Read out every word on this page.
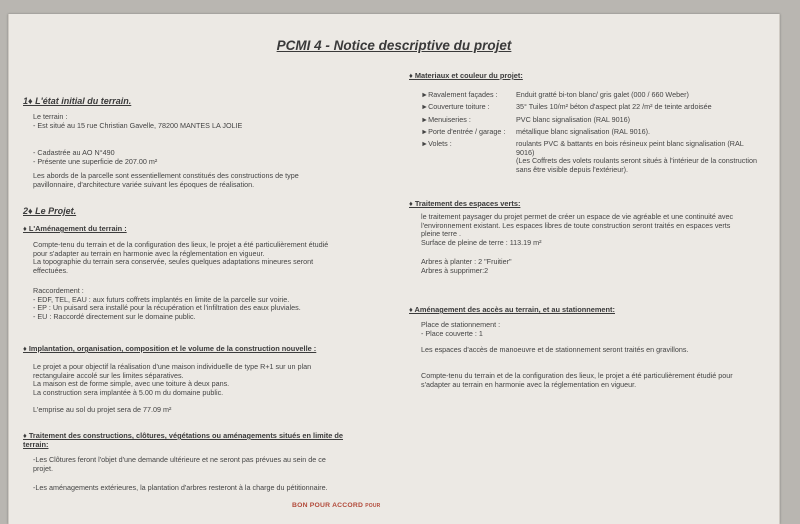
PCMI 4 - Notice descriptive du projet
1♦ L'état initial du terrain.
Le terrain :
- Est situé au 15 rue Christian Gavelle, 78200 MANTES LA JOLIE
- Cadastrée au AO N°490
- Présente une superficie de 207.00 m²
Les abords de la parcelle sont essentiellement constitués des constructions de type
pavillonnaire, d'architecture variée suivant les époques de réalisation.
2♦ Le Projet.
♦ L'Aménagement du terrain :
Compte-tenu du terrain et de la configuration des lieux, le projet a été particulièrement étudié
pour s'adapter au terrain en harmonie avec la réglementation en vigueur.
La topographie du terrain sera conservée, seules quelques adaptations mineures seront
effectuées.
Raccordement :
- EDF, TEL, EAU : aux futurs coffrets implantés en limite de la parcelle sur voirie.
- EP : Un puisard sera installé pour la récupération et l'infiltration des eaux pluviales.
- EU : Raccordé directement sur le domaine public.
♦ Implantation, organisation, composition et le volume de la construction nouvelle :
Le projet a pour objectif la réalisation d'une maison individuelle de type R+1 sur un plan
rectangulaire accolé sur les limites séparatives.
La maison est de forme simple, avec une toiture à deux pans.
La construction sera implantée à 5.00 m du domaine public.
L'emprise au sol du projet sera de 77.09 m²
♦ Traitement des constructions, clôtures, végétations ou aménagements situés en limite de
terrain:
-Les Clôtures feront l'objet d'une demande ultérieure et ne seront pas prévues au sein de ce
projet.
-Les aménagements extérieures, la plantation d'arbres resteront à la charge du pétitionnaire.
♦ Materiaux et couleur du projet:
►Ravalement façades :	Enduit gratté bi-ton blanc/ gris galet (000 / 660 Weber)
►Couverture toiture :	35° Tuiles 10/m² béton d'aspect plat 22 /m² de teinte ardoisée
►Menuiseries :	PVC blanc signalisation (RAL 9016)
►Porte d'entrée / garage : métallique blanc signalisation (RAL 9016).
►Volets :	roulants PVC & battants en bois résineux peint blanc signalisation (RAL
9016)
(Les Coffrets des volets roulants seront situés à l'intérieur de la construction
sans être visible depuis l'extérieur).
♦ Traitement des espaces verts:
le traitement paysager du projet permet de créer un espace de vie agréable et une continuité avec
l'environnement existant. Les espaces libres de toute construction seront traités en espaces verts
pleine terre .
Surface de pleine de terre : 113.19 m²
Arbres à planter : 2 "Fruitier"
Arbres à supprimer:2
♦ Aménagement des accès au terrain, et au stationnement:
Place de stationnement :
- Place couverte : 1
Les espaces d'accès de manoeuvre et de stationnement seront traités en gravillons.
Compte-tenu du terrain et de la configuration des lieux, le projet a été particulièrement étudié pour
s'adapter au terrain en harmonie avec la réglementation en vigueur.
BON POUR ACCORD POUR
